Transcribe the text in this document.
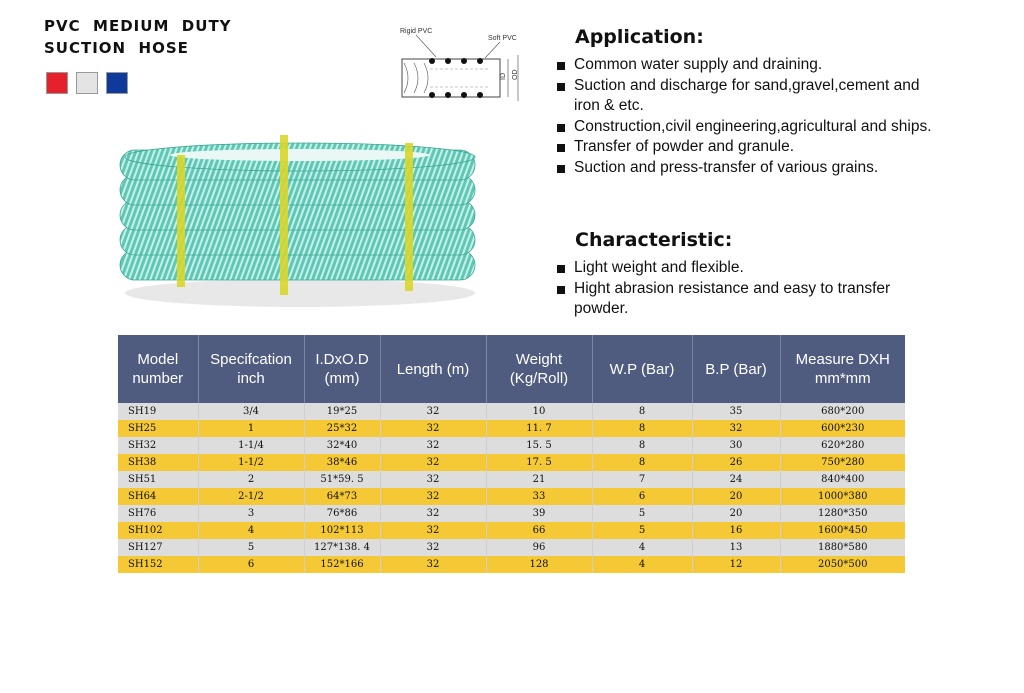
PVC  MEDIUM  DUTY
SUCTION  HOSE
Rigid PVC
Soft PVC
ID OD
Application:
Common water supply and draining.
Suction and discharge for sand,gravel,cement and iron & etc.
Construction,civil engineering,agricultural and ships.
Transfer of powder and granule.
Suction and press-transfer of various grains.
Characteristic:
Light weight and flexible.
Hight abrasion resistance and easy to transfer powder.
Model number	Specifcation inch	I.DxO.D (mm)	Length (m)	Weight (Kg/Roll)	W.P (Bar)	B.P (Bar)	Measure DXH mm*mm
SH19	3/4	19*25	32	10	8	35	680*200
SH25	1	25*32	32	11. 7	8	32	600*230
SH32	1-1/4	32*40	32	15. 5	8	30	620*280
SH38	1-1/2	38*46	32	17. 5	8	26	750*280
SH51	2	51*59. 5	32	21	7	24	840*400
SH64	2-1/2	64*73	32	33	6	20	1000*380
SH76	3	76*86	32	39	5	20	1280*350
SH102	4	102*113	32	66	5	16	1600*450
SH127	5	127*138. 4	32	96	4	13	1880*580
SH152	6	152*166	32	128	4	12	2050*500
